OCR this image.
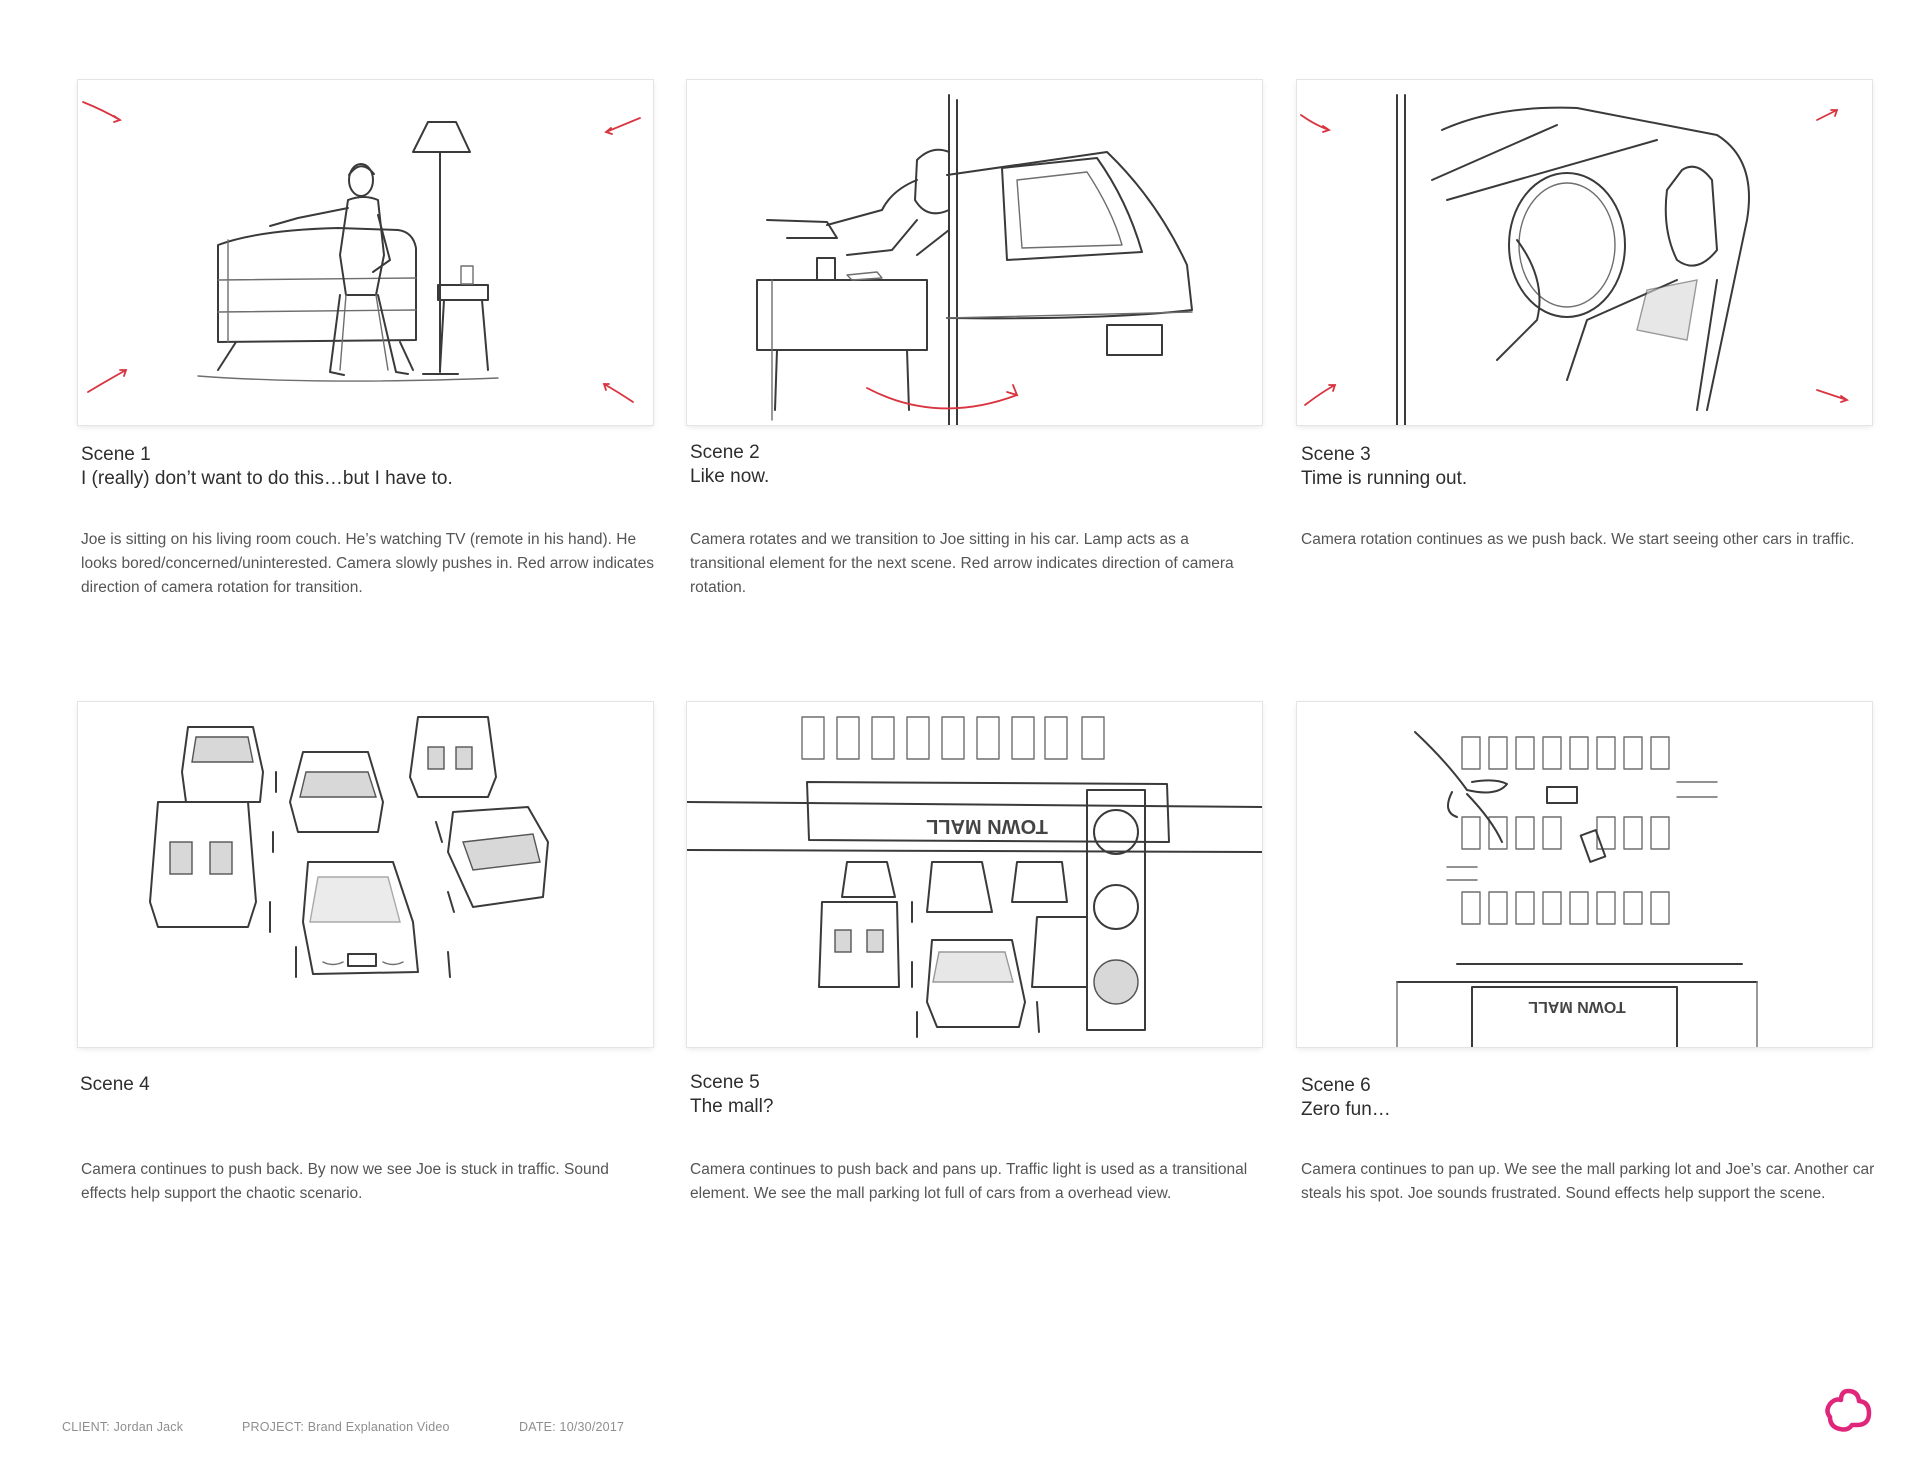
TOWN MALL
TOWN MALL
Scene 1
I (really) don’t want to do this…but I have to.
Joe is sitting on his living room couch. He’s watching TV (remote in his hand). He looks bored/concerned/uninterested. Camera slowly pushes in. Red arrow indicates direction of camera rotation for transition.
Scene 2
Like now.
Camera rotates and we transition to Joe sitting in his car. Lamp acts as a transitional element for the next scene. Red arrow indicates direction of camera rotation.
Scene 3
Time is running out.
Camera rotation continues as we push back. We start seeing other cars in traffic.
Scene 4
Camera continues to push back. By now we see Joe is stuck in traffic. Sound effects help support the chaotic scenario.
Scene 5
The mall?
Camera continues to push back and pans up. Traffic light is used as a transitional element. We see the mall parking lot full of cars from a overhead view.
Scene 6
Zero fun…
Camera continues to pan up. We see the mall parking lot and Joe’s car. Another car steals his spot. Joe sounds frustrated. Sound effects help support the scene.
CLIENT: Jordan Jack	PROJECT: Brand Explanation Video	DATE: 10/30/2017
